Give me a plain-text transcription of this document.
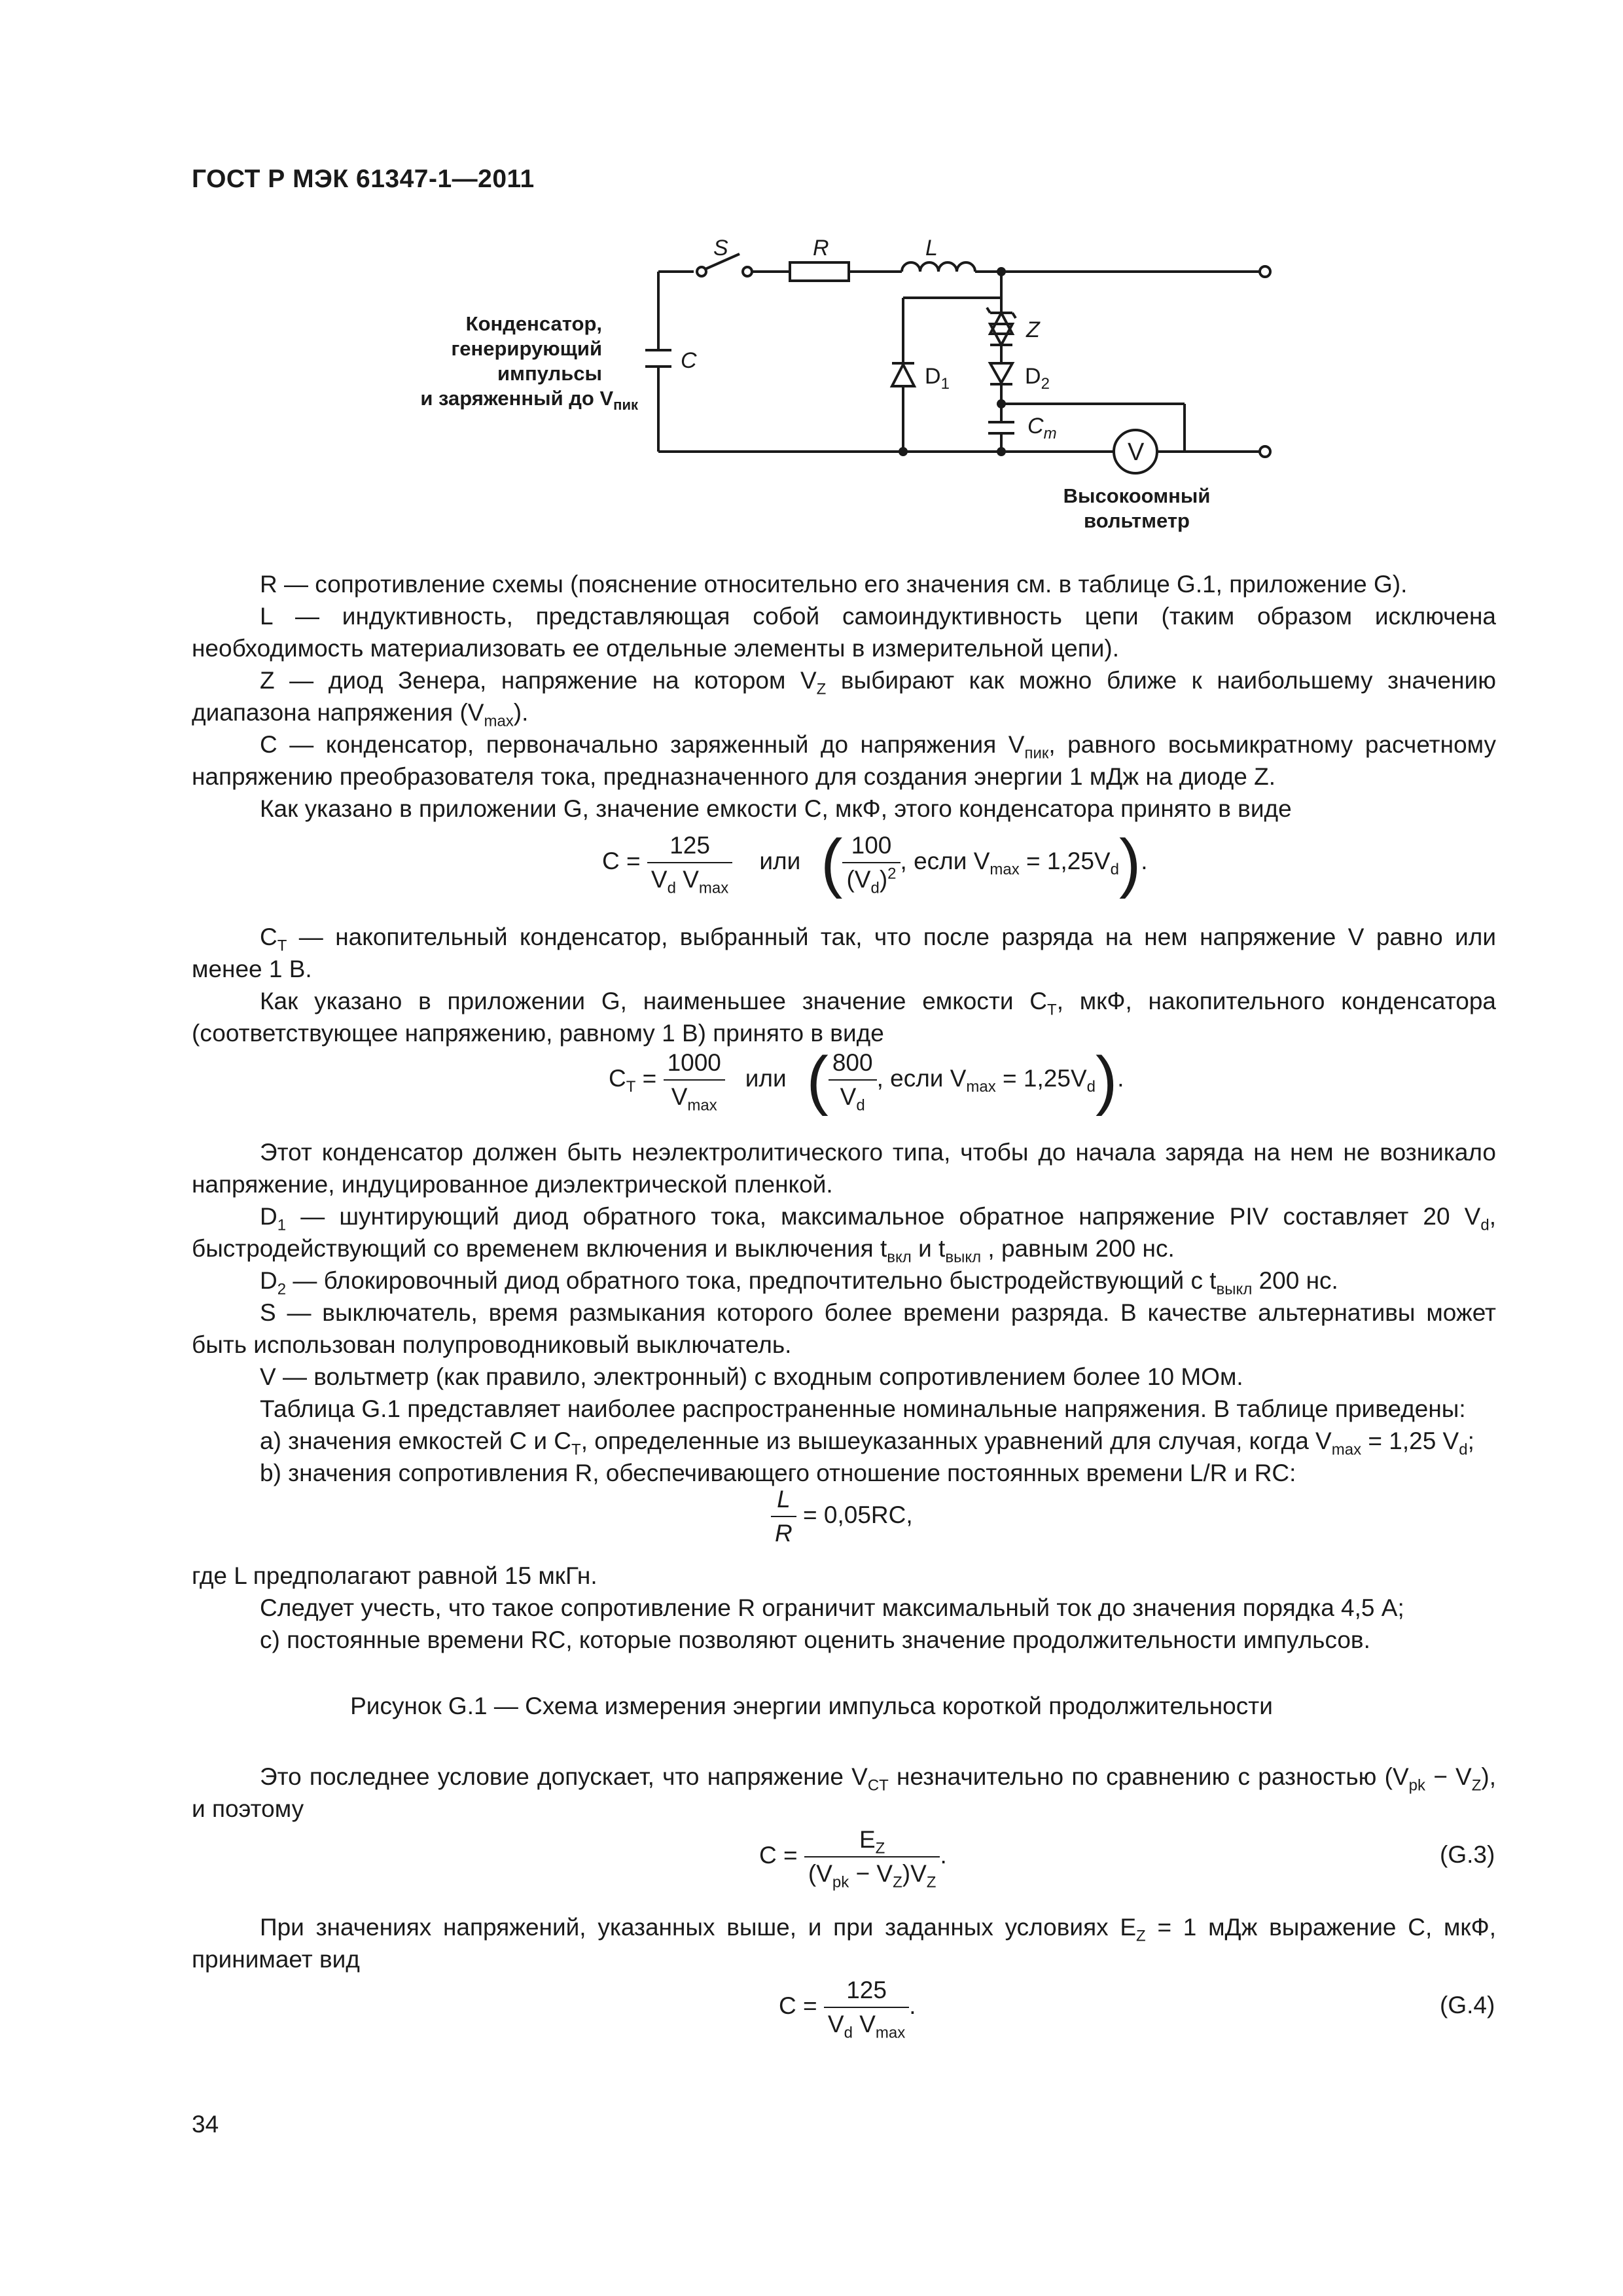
ГОСТ Р МЭК 61347-1—2011
S	R	L
C
Z
$D_1$	$D_2$
$C_т$
V
Конденсатор,
генерирующий
импульсы
и заряженный до $V_{пик}$
Высокоомный
вольтметр
R — сопротивление схемы (пояснение относительно его значения см. в таблице G.1, приложение G).
L — индуктивность, представляющая собой самоиндуктивность цепи (таким образом исключена необходимость материализовать ее отдельные элементы в измерительной цепи).
Z — диод Зенера, напряжение на котором $V_Z$ выбирают как можно ближе к наибольшему значению диапазона напряжения $(V_{max})$.
C — конденсатор, первоначально заряженный до напряжения $V_{пик}$, равного восьмикратному расчетному напряжению преобразователя тока, предназначенного для создания энергии 1 мДж на диоде Z.
Как указано в приложении G, значение емкости C, мкФ, этого конденсатора принято в виде
$C = \frac{125}{V_d V_{max}}$ или ( $\frac{100}{(V_d)^2}$ , если $V_{max} = 1,25V_d$).
$C_Т$ — накопительный конденсатор, выбранный так, что после разряда на нем напряжение V равно или менее 1 В.
Как указано в приложении G, наименьшее значение емкости $C_Т$, мкФ, накопительного конденсатора (соответствующее напряжению, равному 1 В) принято в виде
$C_Т = \frac{1000}{V_{max}}$ или ( $\frac{800}{V_d}$ , если $V_{max} = 1,25V_d$).
Этот конденсатор должен быть неэлектролитического типа, чтобы до начала заряда на нем не возникало напряжение, индуцированное диэлектрической пленкой.
$D_1$ — шунтирующий диод обратного тока, максимальное обратное напряжение PIV составляет 20 $V_d$, быстродействующий со временем включения и выключения $t_{вкл}$ и $t_{выкл}$ , равным 200 нс.
$D_2$ — блокировочный диод обратного тока, предпочтительно быстродействующий с $t_{выкл}$ 200 нс.
S — выключатель, время размыкания которого более времени разряда. В качестве альтернативы может быть использован полупроводниковый выключатель.
V — вольтметр (как правило, электронный) с входным сопротивлением более 10 МОм.
Таблица G.1 представляет наиболее распространенные номинальные напряжения. В таблице приведены:
a) значения емкостей C и $C_Т$, определенные из вышеуказанных уравнений для случая, когда $V_{max} = 1,25$ $V_d$;
b) значения сопротивления R, обеспечивающего отношение постоянных времени L/R и RC:
$\frac{L}{R} = 0,05RC$,
где L предполагают равной 15 мкГн.
Следует учесть, что такое сопротивление R ограничит максимальный ток до значения порядка 4,5 А;
c) постоянные времени RC, которые позволяют оценить значение продолжительности импульсов.
Рисунок G.1 — Схема измерения энергии импульса короткой продолжительности
Это последнее условие допускает, что напряжение $V_{CT}$ незначительно по сравнению с разностью $(V_{pk} - V_Z)$, и поэтому
$C = \frac{E_Z}{(V_{pk} - V_Z)V_Z}$ .	(G.3)
При значениях напряжений, указанных выше, и при заданных условиях $E_Z = 1$ мДж выражение C, мкФ, принимает вид
$C = \frac{125}{V_d V_{max}}$ .	(G.4)
34
